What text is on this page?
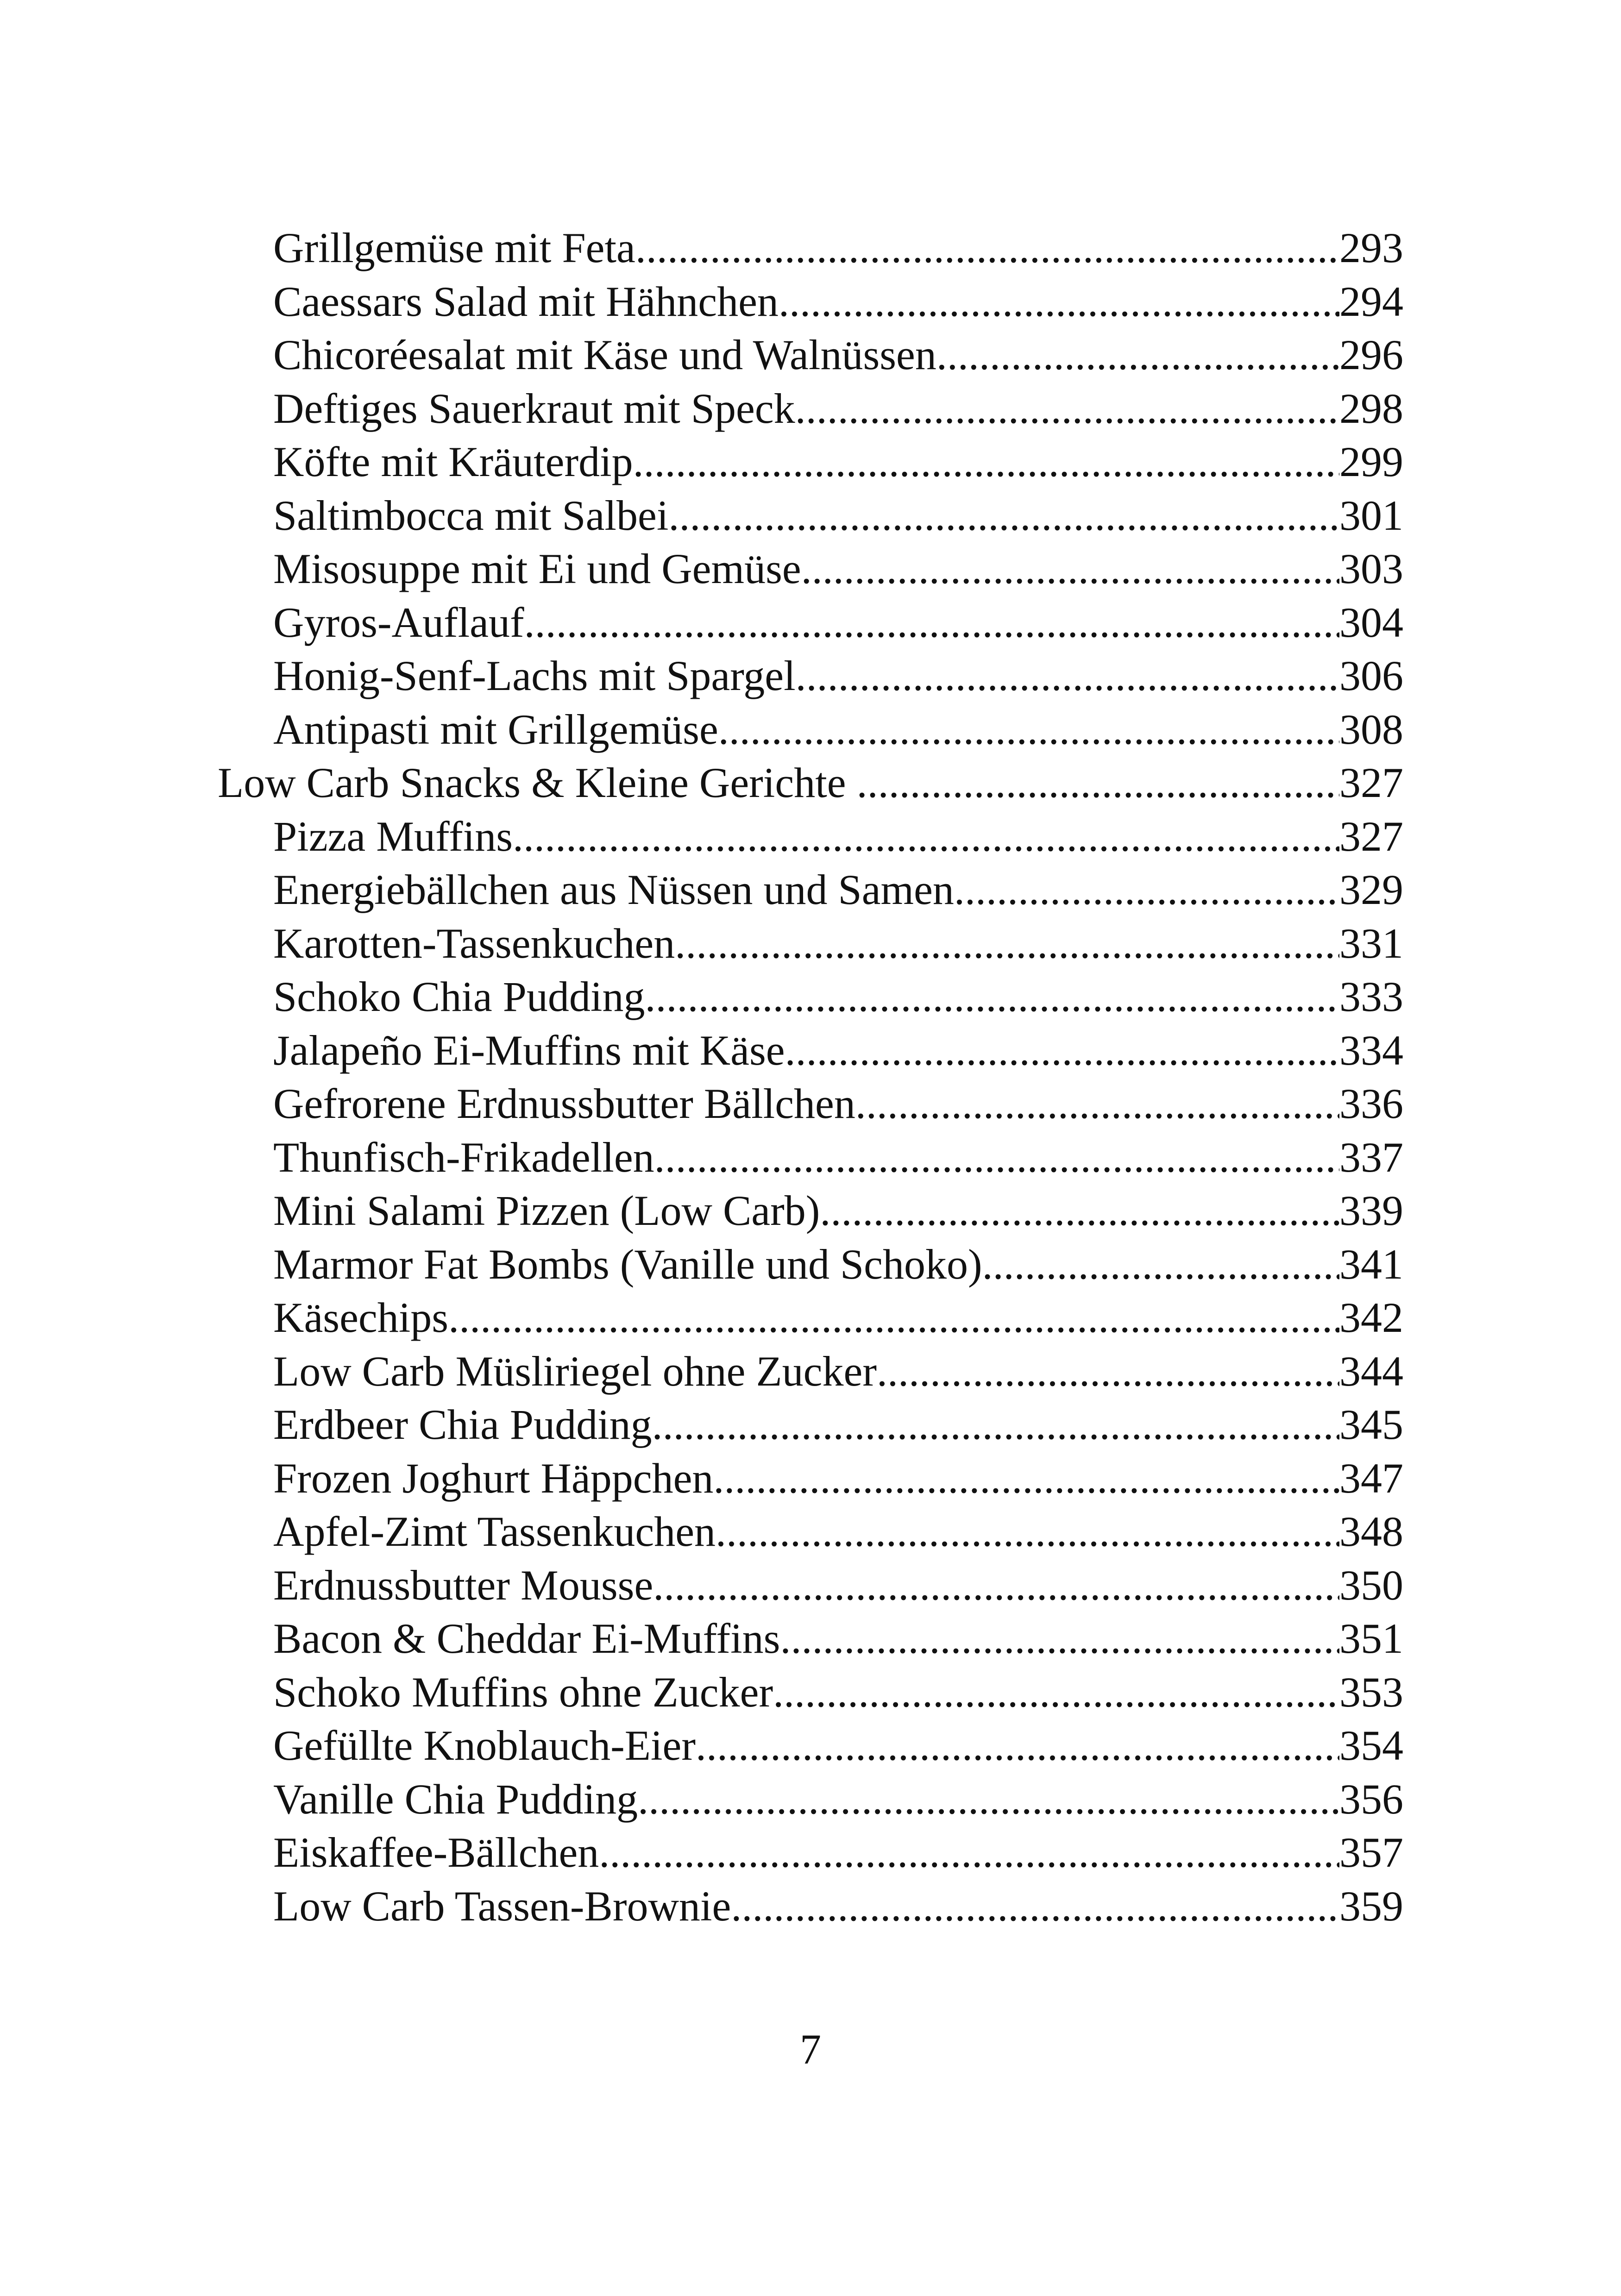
Grillgemüse mit Feta .....	293
Caessars Salad mit Hähnchen .....	294
Chicoréesalat mit Käse und Walnüssen .....	296
Deftiges Sauerkraut mit Speck .....	298
Köfte mit Kräuterdip .....	299
Saltimbocca mit Salbei .....	301
Misosuppe mit Ei und Gemüse .....	303
Gyros-Auflauf .....	304
Honig-Senf-Lachs mit Spargel .....	306
Antipasti mit Grillgemüse .....	308
Low Carb Snacks & Kleine Gerichte .....	327
Pizza Muffins .....	327
Energiebällchen aus Nüssen und Samen .....	329
Karotten-Tassenkuchen .....	331
Schoko Chia Pudding .....	333
Jalapeño Ei-Muffins mit Käse .....	334
Gefrorene Erdnussbutter Bällchen .....	336
Thunfisch-Frikadellen .....	337
Mini Salami Pizzen (Low Carb) .....	339
Marmor Fat Bombs (Vanille und Schoko) .....	341
Käsechips .....	342
Low Carb Müsliriegel ohne Zucker .....	344
Erdbeer Chia Pudding .....	345
Frozen Joghurt Häppchen .....	347
Apfel-Zimt Tassenkuchen .....	348
Erdnussbutter Mousse .....	350
Bacon & Cheddar Ei-Muffins .....	351
Schoko Muffins ohne Zucker .....	353
Gefüllte Knoblauch-Eier .....	354
Vanille Chia Pudding .....	356
Eiskaffee-Bällchen .....	357
Low Carb Tassen-Brownie .....	359
7
